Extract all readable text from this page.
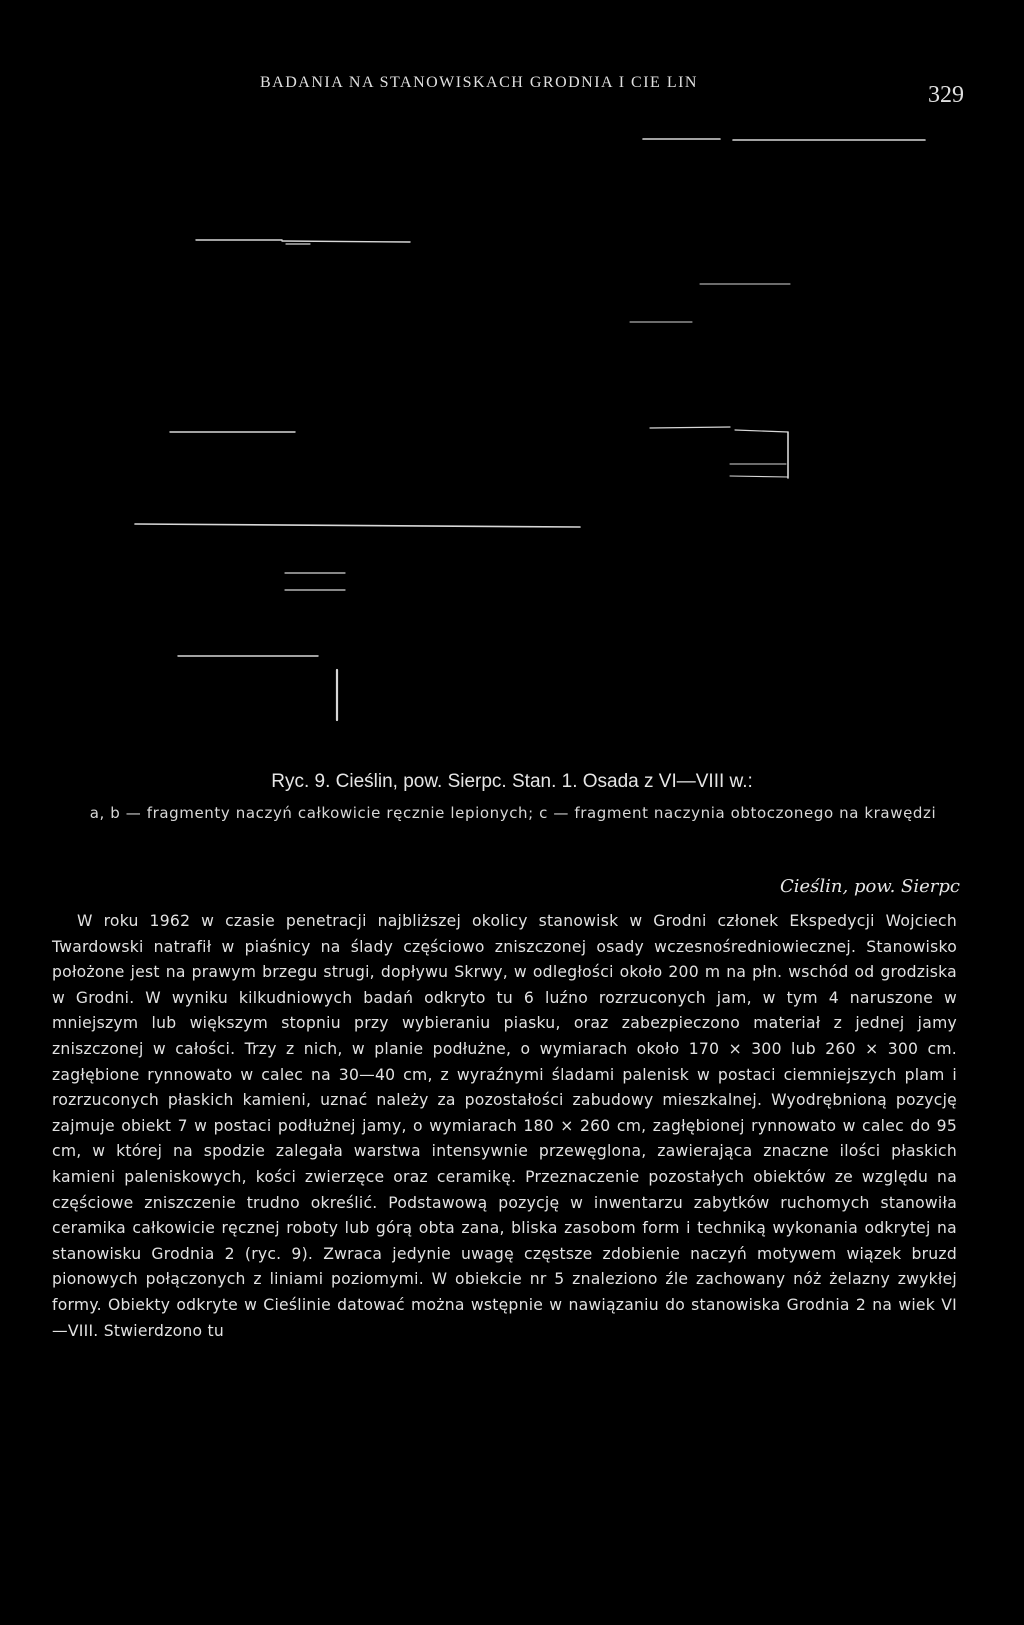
BADANIA NA STANOWISKACH GRODNIA I CIE LIN	329
Ryc. 9. Cieślin, pow. Sierpc. Stan. 1. Osada z VI—VIII w.:
a, b — fragmenty naczyń całkowicie ręcznie lepionych; c — fragment naczynia obtoczonego na krawędzi
Cieślin, pow. Sierpc
W roku 1962 w czasie penetracji najbliższej okolicy stanowisk w Grodni członek Ekspedycji Wojciech Twardowski natrafił w piaśnicy na ślady częściowo zniszczonej osady wczesnośredniowiecznej. Stanowisko położone jest na prawym brzegu strugi, dopływu Skrwy, w odległości około 200 m na płn. wschód od grodziska w Grodni. W wyniku kilkudniowych badań odkryto tu 6 luźno rozrzuconych jam, w tym 4 naruszone w mniejszym lub większym stopniu przy wybieraniu piasku, oraz zabezpieczono materiał z jednej jamy zniszczonej w całości. Trzy z nich, w planie podłużne, o wymiarach około 170 × 300 lub 260 × 300 cm. zagłębione rynnowato w calec na 30—40 cm, z wyraźnymi śladami palenisk w postaci ciemniejszych plam i rozrzuconych płaskich kamieni, uznać należy za pozostałości zabudowy mieszkalnej. Wyodrębnioną pozycję zajmuje obiekt 7 w postaci podłużnej jamy, o wymiarach 180 × 260 cm, zagłębionej rynnowato w calec do 95 cm, w której na spodzie zalegała warstwa intensywnie przewęglona, zawierająca znaczne ilości płaskich kamieni paleniskowych, kości zwierzęce oraz ceramikę. Przeznaczenie pozostałych obiektów ze względu na częściowe zniszczenie trudno określić. Podstawową pozycję w inwentarzu zabytków ruchomych stanowiła ceramika całkowicie ręcznej roboty lub górą obta zana, bliska zasobom form i techniką wykonania odkrytej na stanowisku Grodnia 2 (ryc. 9). Zwraca jedynie uwagę częstsze zdobienie naczyń motywem wiązek bruzd pionowych połączonych z liniami poziomymi. W obiekcie nr 5 znaleziono źle zachowany nóż żelazny zwykłej formy. Obiekty odkryte w Cieślinie datować można wstępnie w nawiązaniu do stanowiska Grodnia 2 na wiek VI—VIII. Stwierdzono tu
